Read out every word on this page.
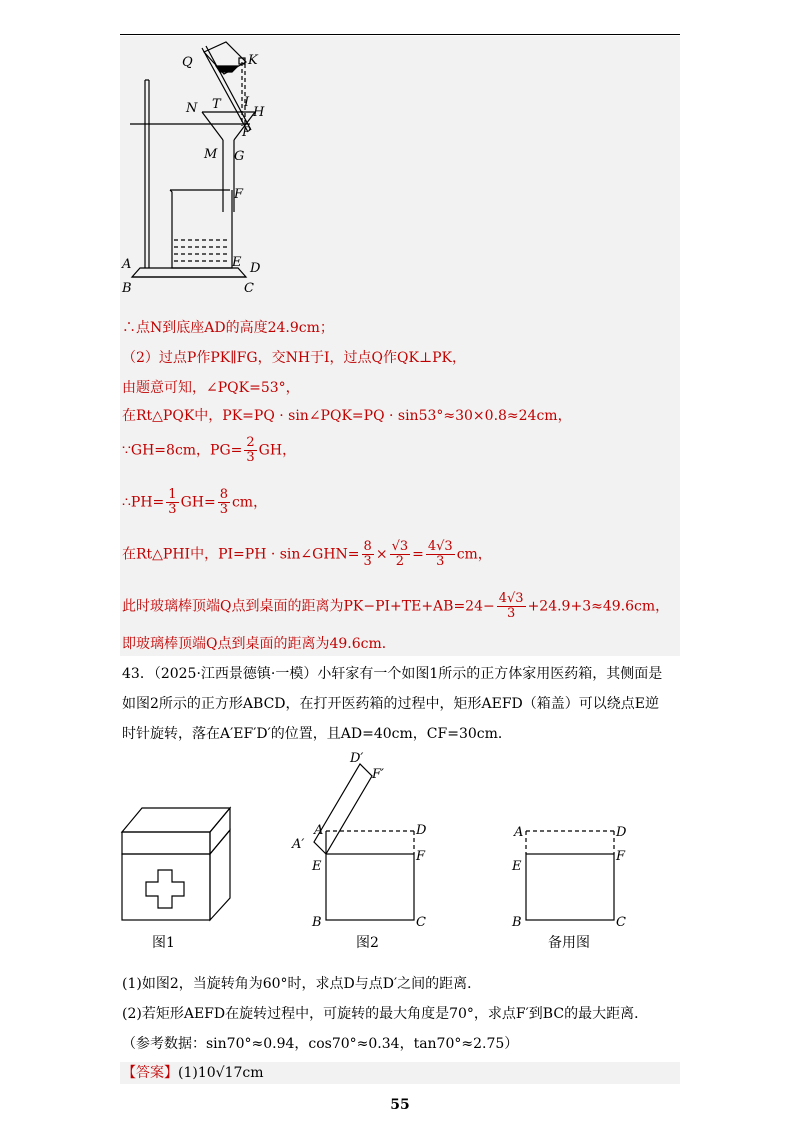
Q	K
N T I
H
P
M G
F
A	E D
B	C
∴点N到底座AD的高度24.9cm；
（2）过点P作PK∥FG，交NH于I，过点Q作QK⊥PK，
由题意可知，∠PQK=53°，
在Rt△PQK中，PK=PQ · sin∠PQK=PQ · sin53°≈30×0.8≈24cm，
∵GH=8cm，$PG= \frac{2}{3}$ GH，
∴PH= $\frac{1}{3} GH= \frac{8}{3}$ cm，
在Rt△PHI中，PI=PH · sin∠GHN= $\frac{8}{3} \times \frac{√3}{2} = \frac{4√3}{3}$ cm，
此时玻璃棒顶端Q点到桌面的距离为$PK-PI+TE+AB=24- \frac{4√3}{3} +24.9+3\approx 49.6cm$，
即玻璃棒顶端Q点到桌面的距离为49.6cm．
43．（2025·江西景德镇·一模）小轩家有一个如图1所示的正方体家用医药箱，其侧面是
如图2所示的正方形ABCD，在打开医药箱的过程中，矩形AEFD（箱盖）可以绕点E逆
时针旋转，落在A′EF′D′的位置，且AD=40cm，CF=30cm．
图1
D′
F′
A′
A	D
E
F
B	C
图2
A	D
E
F
B	C
备用图
(1)如图2，当旋转角为60°时，求点D与点D′之间的距离．
(2)若矩形AEFD在旋转过程中，可旋转的最大角度是70°，求点F′到BC的最大距离．
（参考数据：sin70°≈0.94，cos70°≈0.34，tan70°≈2.75）
【答案】(1)10√17cm
55
